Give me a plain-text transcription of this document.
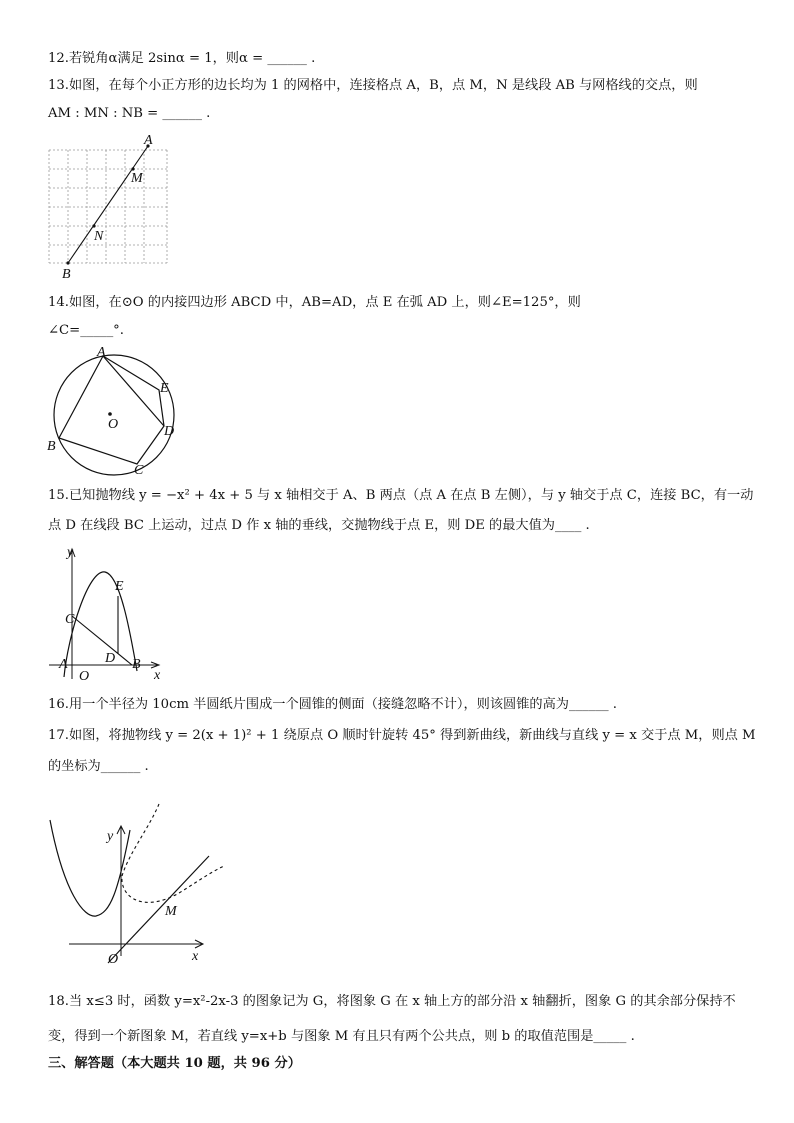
12.若锐角α满足 2sinα = 1，则α = ______ .
13.如图，在每个小正方形的边长均为 1 的网格中，连接格点 A，B，点 M，N 是线段 AB 与网格线的交点，则
AM : MN : NB = ______ .
A
M
N
B
14.如图，在⊙O 的内接四边形 ABCD 中，AB=AD，点 E 在弧 AD 上，则∠E=125°，则
∠C=_____°.
A
E
D
C
B
O
15.已知抛物线 y = −x² + 4x + 5 与 x 轴相交于 A、B 两点（点 A 在点 B 左侧），与 y 轴交于点 C，连接 BC，有一动
点 D 在线段 BC 上运动，过点 D 作 x 轴的垂线，交抛物线于点 E，则 DE 的最大值为____ .
y
x
C
E
D
A
O
B
16.用一个半径为 10cm 半圆纸片围成一个圆锥的侧面（接缝忽略不计），则该圆锥的高为______ .
17.如图，将抛物线 y = 2(x + 1)² + 1 绕原点 O 顺时针旋转 45° 得到新曲线，新曲线与直线 y = x 交于点 M，则点 M
的坐标为______ .
y
x
O
M
18.当 x≤3 时，函数 y=x²-2x-3 的图象记为 G，将图象 G 在 x 轴上方的部分沿 x 轴翻折，图象 G 的其余部分保持不
变，得到一个新图象 M，若直线 y=x+b 与图象 M 有且只有两个公共点，则 b 的取值范围是_____ .
三、解答题（本大题共 10 题，共 96 分）
